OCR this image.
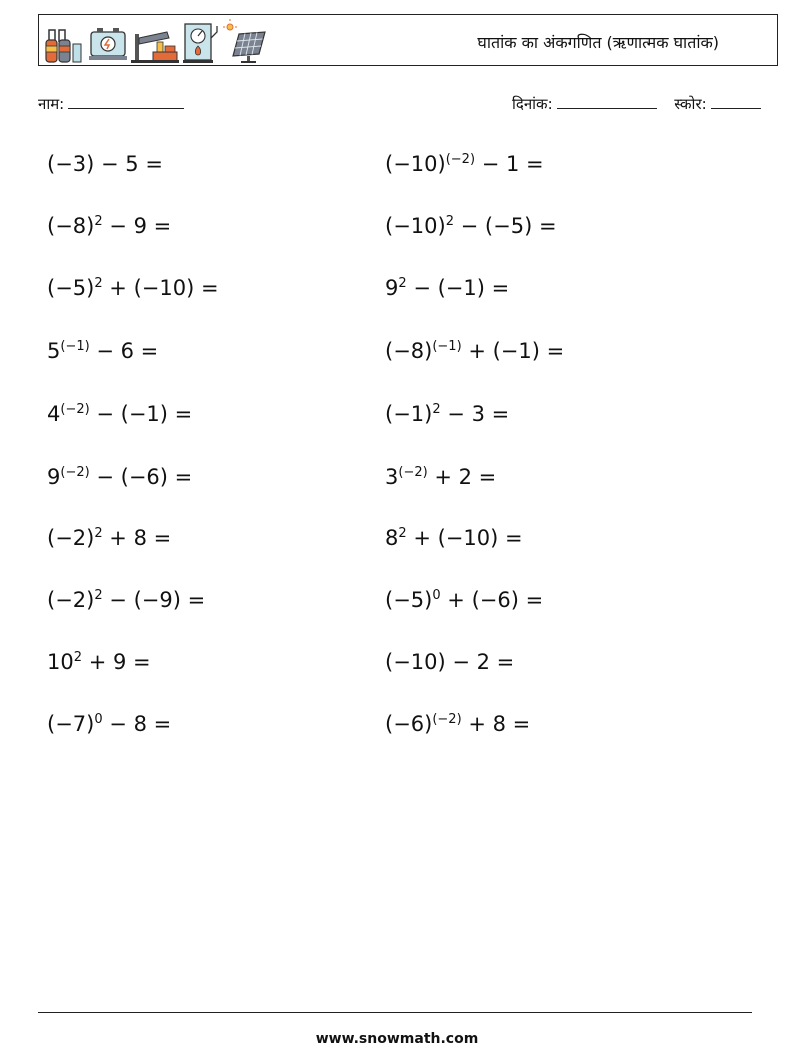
घातांक का अंकगणित (ऋणात्मक घातांक)
नाम:	दिनांक:	स्कोर:
(−3) − 5 =
$(-8)^2 - 9$ =
$(-5)^2 + (-10)$ =
$5^{(-1)} - 6$ =
$4^{(-2)} - (-1)$ =
$9^{(-2)} - (-6)$ =
$(-2)^2 + 8$ =
$(-2)^2 - (-9)$ =
$10^2 + 9$ =
$(-7)^0 - 8$ =
$(-10)^{(-2)} - 1$ =
$(-10)^2 - (-5)$ =
$9^2 - (-1)$ =
$(-8)^{(-1)} + (-1)$ =
$(-1)^2 - 3$ =
$3^{(-2)} + 2$ =
$8^2 + (-10)$ =
$(-5)^0 + (-6)$ =
(−10) − 2 =
$(-6)^{(-2)} + 8$ =
www.snowmath.com
